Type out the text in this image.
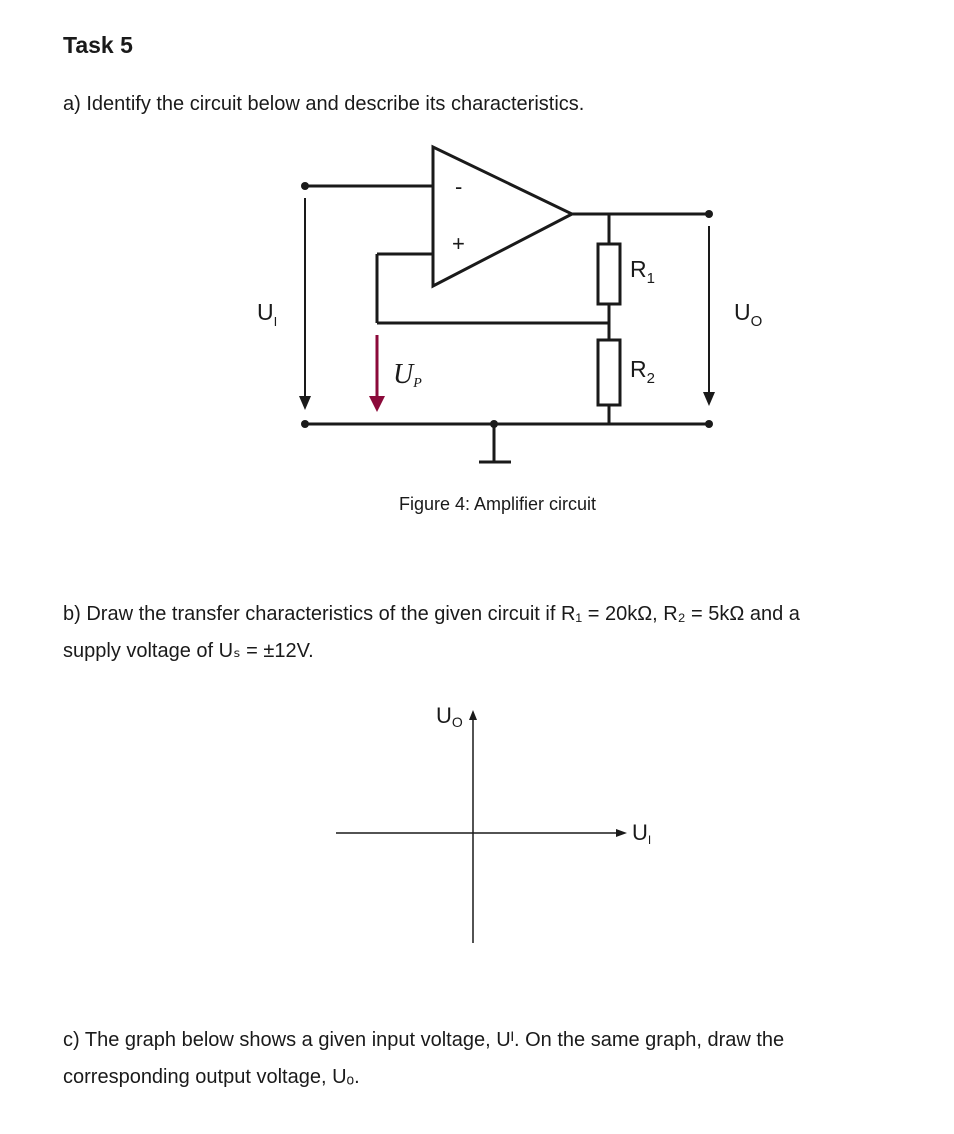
Task 5

a) Identify the circuit below and describe its characteristics.

-
+
$R_1$
$R_2$
$U_I$	$U_O$
UP
UO
UI

Figure 4: Amplifier circuit

b) Draw the transfer characteristics of the given circuit if R₁ = 20kΩ, R₂ = 5kΩ and a
supply voltage of Uₛ = ±12V.
c) The graph below shows a given input voltage, Uᴵ. On the same graph, draw the
corresponding output voltage, Uₒ.
